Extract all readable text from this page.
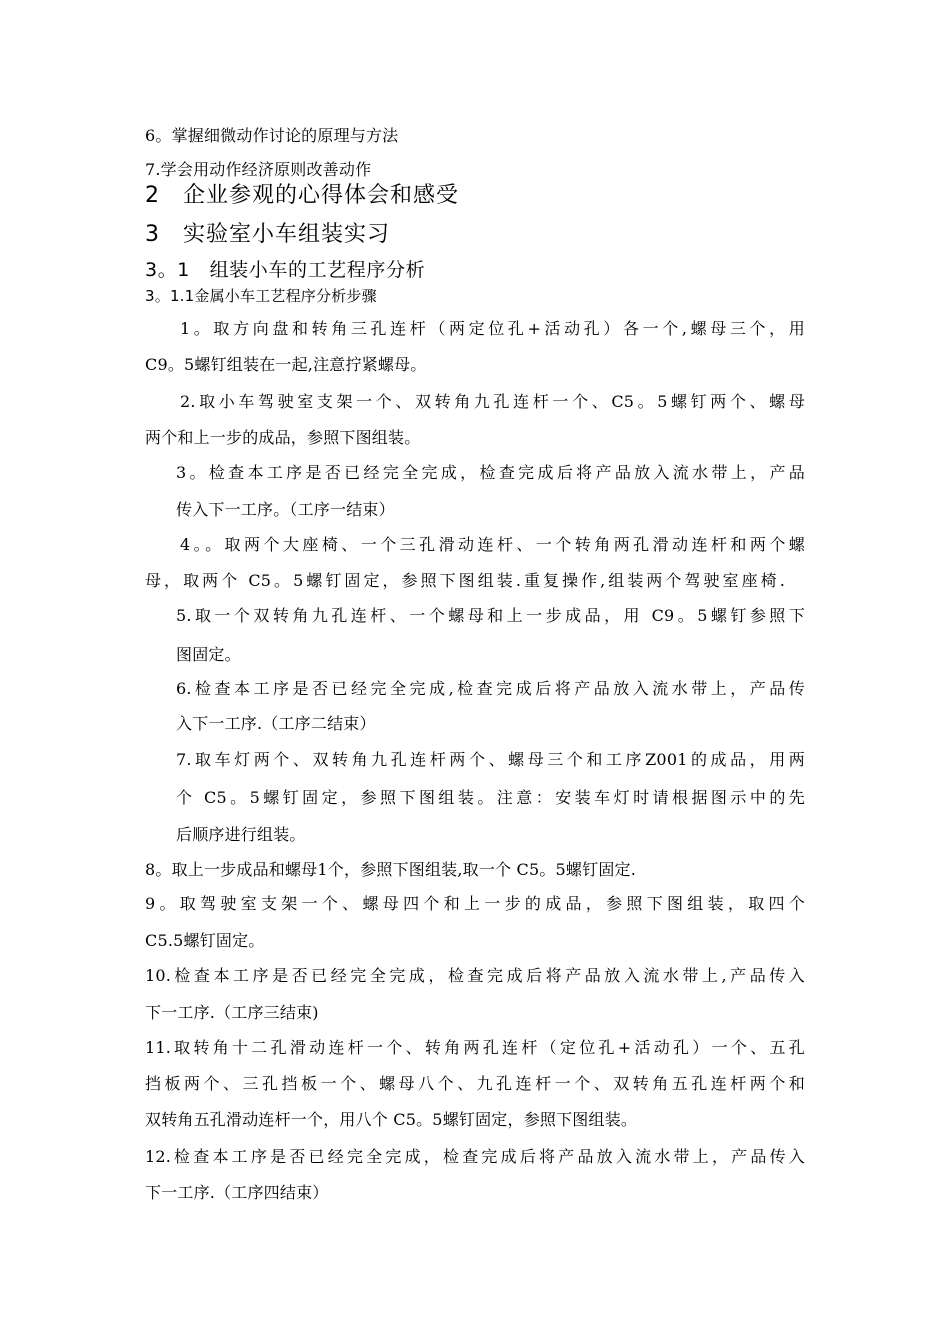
6。掌握细微动作讨论的原理与方法
7.学会用动作经济原则改善动作
2　企业参观的心得体会和感受
3　实验室小车组装实习
3。1　组装小车的工艺程序分析
3。1.1金属小车工艺程序分析步骤
1。取方向盘和转角三孔连杆（两定位孔+活动孔）各一个,螺母三个，用
C9。5螺钉组装在一起,注意拧紧螺母。
2.取小车驾驶室支架一个、双转角九孔连杆一个、C5。5螺钉两个、螺母
两个和上一步的成品，参照下图组装。
3。检查本工序是否已经完全完成，检查完成后将产品放入流水带上，产品
传入下一工序。（工序一结束）
4。。取两个大座椅、一个三孔滑动连杆、一个转角两孔滑动连杆和两个螺
母，取两个 C5。5螺钉固定，参照下图组装.重复操作,组装两个驾驶室座椅.
5.取一个双转角九孔连杆、一个螺母和上一步成品，用 C9。5螺钉参照下
图固定。
6.检查本工序是否已经完全完成,检查完成后将产品放入流水带上，产品传
入下一工序.（工序二结束）
7.取车灯两个、双转角九孔连杆两个、螺母三个和工序Z001的成品，用两
个 C5。5螺钉固定，参照下图组装。注意：安装车灯时请根据图示中的先
后顺序进行组装。
8。取上一步成品和螺母1个，参照下图组装,取一个 C5。5螺钉固定.
9。取驾驶室支架一个、螺母四个和上一步的成品，参照下图组装，取四个
C5.5螺钉固定。
10.检查本工序是否已经完全完成，检查完成后将产品放入流水带上,产品传入
下一工序.（工序三结束)
11.取转角十二孔滑动连杆一个、转角两孔连杆（定位孔+活动孔）一个、五孔
挡板两个、三孔挡板一个、螺母八个、九孔连杆一个、双转角五孔连杆两个和
双转角五孔滑动连杆一个，用八个 C5。5螺钉固定，参照下图组装。
12.检查本工序是否已经完全完成，检查完成后将产品放入流水带上，产品传入
下一工序.（工序四结束）
